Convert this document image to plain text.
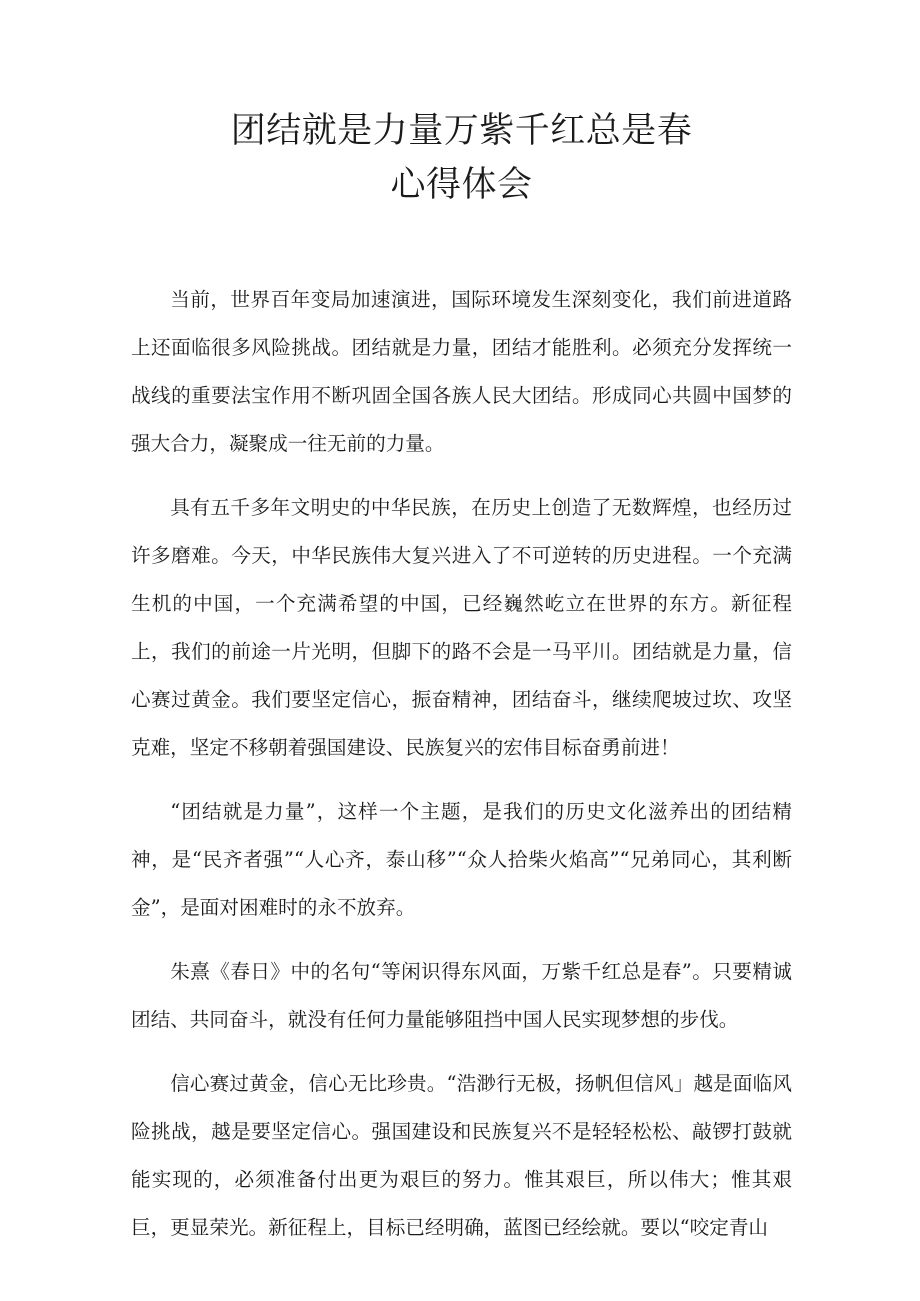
团结就是力量万紫千红总是春
心得体会

当前，世界百年变局加速演进，国际环境发生深刻变化，我们前进道路上还面临很多风险挑战。团结就是力量，团结才能胜利。必须充分发挥统一战线的重要法宝作用不断巩固全国各族人民大团结。形成同心共圆中国梦的强大合力，凝聚成一往无前的力量。

具有五千多年文明史的中华民族，在历史上创造了无数辉煌，也经历过许多磨难。今天，中华民族伟大复兴进入了不可逆转的历史进程。一个充满生机的中国，一个充满希望的中国，已经巍然屹立在世界的东方。新征程上，我们的前途一片光明，但脚下的路不会是一马平川。团结就是力量，信心赛过黄金。我们要坚定信心，振奋精神，团结奋斗，继续爬坡过坎、攻坚克难，坚定不移朝着强国建设、民族复兴的宏伟目标奋勇前进！

“团结就是力量”，这样一个主题，是我们的历史文化滋养出的团结精神，是“民齐者强”“人心齐，泰山移”“众人拾柴火焰高”“兄弟同心，其利断金”，是面对困难时的永不放弃。

朱熹《春日》中的名句“等闲识得东风面，万紫千红总是春”。只要精诚团结、共同奋斗，就没有任何力量能够阻挡中国人民实现梦想的步伐。

信心赛过黄金，信心无比珍贵。“浩渺行无极，扬帆但信风」越是面临风险挑战，越是要坚定信心。强国建设和民族复兴不是轻轻松松、敲锣打鼓就能实现的，必须准备付出更为艰巨的努力。惟其艰巨，所以伟大；惟其艰巨，更显荣光。新征程上，目标已经明确，蓝图已经绘就。要以“咬定青山
